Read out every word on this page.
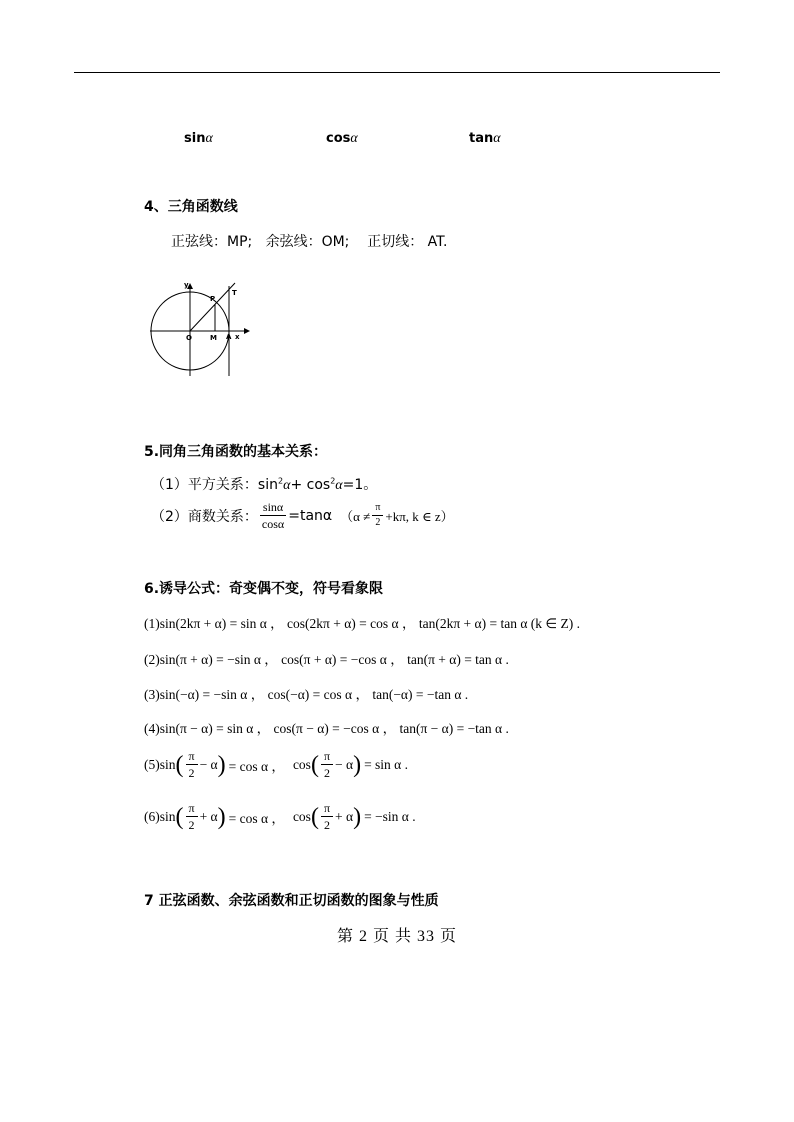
sinα	cosα	tanα
4、三角函数线
正弦线：MP;   余弦线：OM;    正切线： AT.
y
T
P
O	M A x
5.同角三角函数的基本关系：
（1）平方关系：$\sin^2\alpha+ \cos^2\alpha=1$。
（2）商数关系： $\frac{\sin\alpha}{\cos\alpha} =\tan\alpha$ （$\alpha \ne \frac{\pi}{2} +k\pi$, k ∈ z）
6.诱导公式：奇变偶不变，符号看象限
(1)sin(2kπ + α) = sin α ， cos(2kπ + α) = cos α ， tan(2kπ + α) = tan α (k ∈ Z) .
(2)sin(π + α) = −sin α ， cos(π + α) = −cos α ， tan(π + α) = tan α .
(3)sin(−α) = −sin α ， cos(−α) = cos α ， tan(−α) = −tan α .
(4)sin(π − α) = sin α ， cos(π − α) = −cos α ， tan(π − α) = −tan α .
(5)sin ( $\frac{\pi}{2} - \alpha$ ) = cos α ， cos ( $\frac{\pi}{2} - \alpha$ ) = sin α .
(6)sin ( $\frac{\pi}{2} + \alpha$ ) = cos α ， cos ( $\frac{\pi}{2} + \alpha$ ) = −sin α .
7 正弦函数、余弦函数和正切函数的图象与性质
第 2 页 共 33 页
